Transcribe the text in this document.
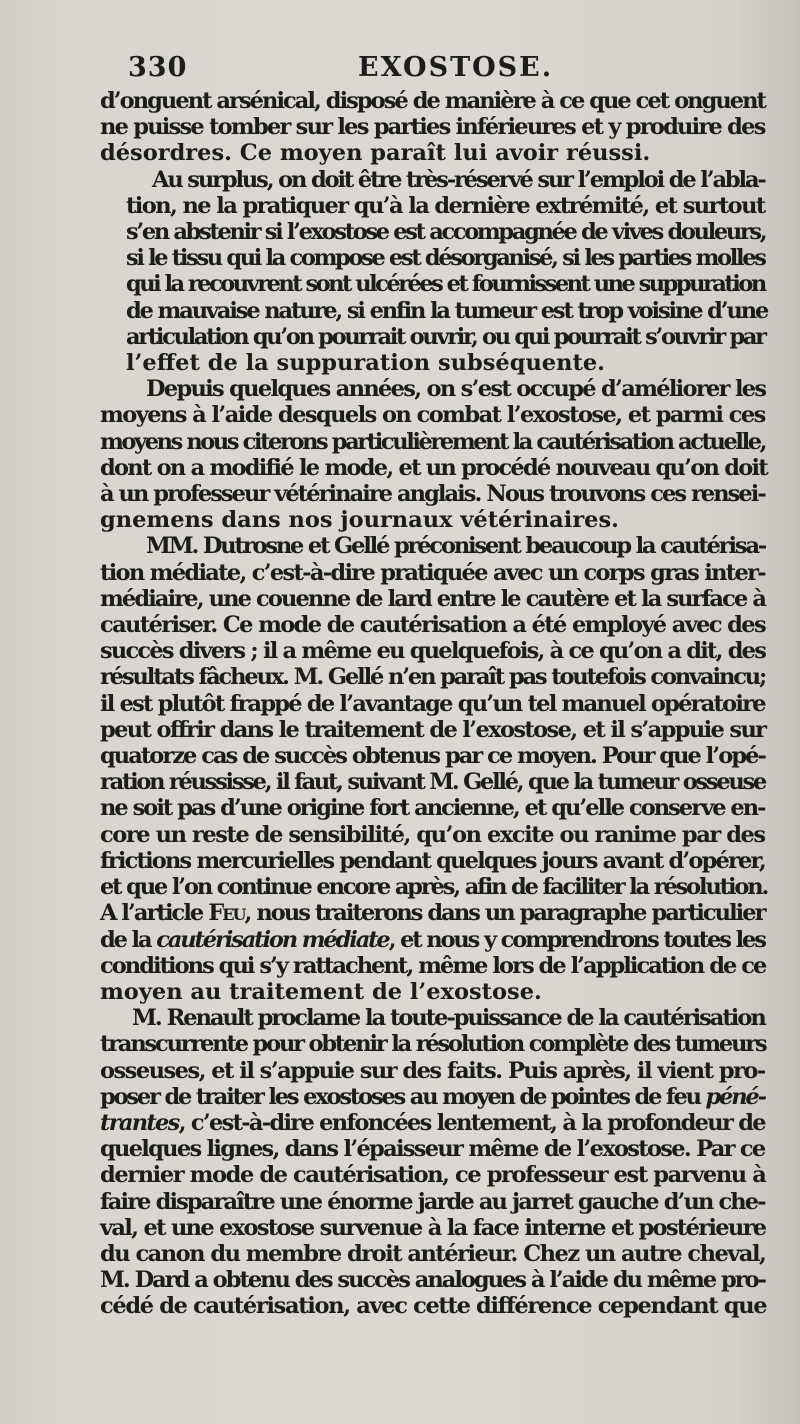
330	EXOSTOSE.

d’onguent arsénical, disposé de manière à ce que cet onguent
ne puisse tomber sur les parties inférieures et y produire des
désordres. Ce moyen paraît lui avoir réussi.

Au surplus, on doit être très-réservé sur l’emploi de l’abla-
tion, ne la pratiquer qu’à la dernière extrémité, et surtout
s’en abstenir si l’exostose est accompagnée de vives douleurs,
si le tissu qui la compose est désorganisé, si les parties molles
qui la recouvrent sont ulcérées et fournissent une suppuration
de mauvaise nature, si enfin la tumeur est trop voisine d’une
articulation qu’on pourrait ouvrir, ou qui pourrait s’ouvrir par
l’effet de la suppuration subséquente.

Depuis quelques années, on s’est occupé d’améliorer les
moyens à l’aide desquels on combat l’exostose, et parmi ces
moyens nous citerons particulièrement la cautérisation actuelle,
dont on a modifié le mode, et un procédé nouveau qu’on doit
à un professeur vétérinaire anglais. Nous trouvons ces rensei-
gnemens dans nos journaux vétérinaires.

MM. Dutrosne et Gellé préconisent beaucoup la cautérisa-
tion médiate, c’est-à-dire pratiquée avec un corps gras inter-
médiaire, une couenne de lard entre le cautère et la surface à
cautériser. Ce mode de cautérisation a été employé avec des
succès divers ; il a même eu quelquefois, à ce qu’on a dit, des
résultats fâcheux. M. Gellé n’en paraît pas toutefois convaincu;
il est plutôt frappé de l’avantage qu’un tel manuel opératoire
peut offrir dans le traitement de l’exostose, et il s’appuie sur
quatorze cas de succès obtenus par ce moyen. Pour que l’opé-
ration réussisse, il faut, suivant M. Gellé, que la tumeur osseuse
ne soit pas d’une origine fort ancienne, et qu’elle conserve en-
core un reste de sensibilité, qu’on excite ou ranime par des
frictions mercurielles pendant quelques jours avant d’opérer,
et que l’on continue encore après, afin de faciliter la résolution.
A l’article Feu, nous traiterons dans un paragraphe particulier
de la cautérisation médiate, et nous y comprendrons toutes les
conditions qui s’y rattachent, même lors de l’application de ce
moyen au traitement de l’exostose.

M. Renault proclame la toute-puissance de la cautérisation
transcurrente pour obtenir la résolution complète des tumeurs
osseuses, et il s’appuie sur des faits. Puis après, il vient pro-
poser de traiter les exostoses au moyen de pointes de feu péné-
trantes, c’est-à-dire enfoncées lentement, à la profondeur de
quelques lignes, dans l’épaisseur même de l’exostose. Par ce
dernier mode de cautérisation, ce professeur est parvenu à
faire disparaître une énorme jarde au jarret gauche d’un che-
val, et une exostose survenue à la face interne et postérieure
du canon du membre droit antérieur. Chez un autre cheval,
M. Dard a obtenu des succès analogues à l’aide du même pro-
cédé de cautérisation, avec cette différence cependant que
